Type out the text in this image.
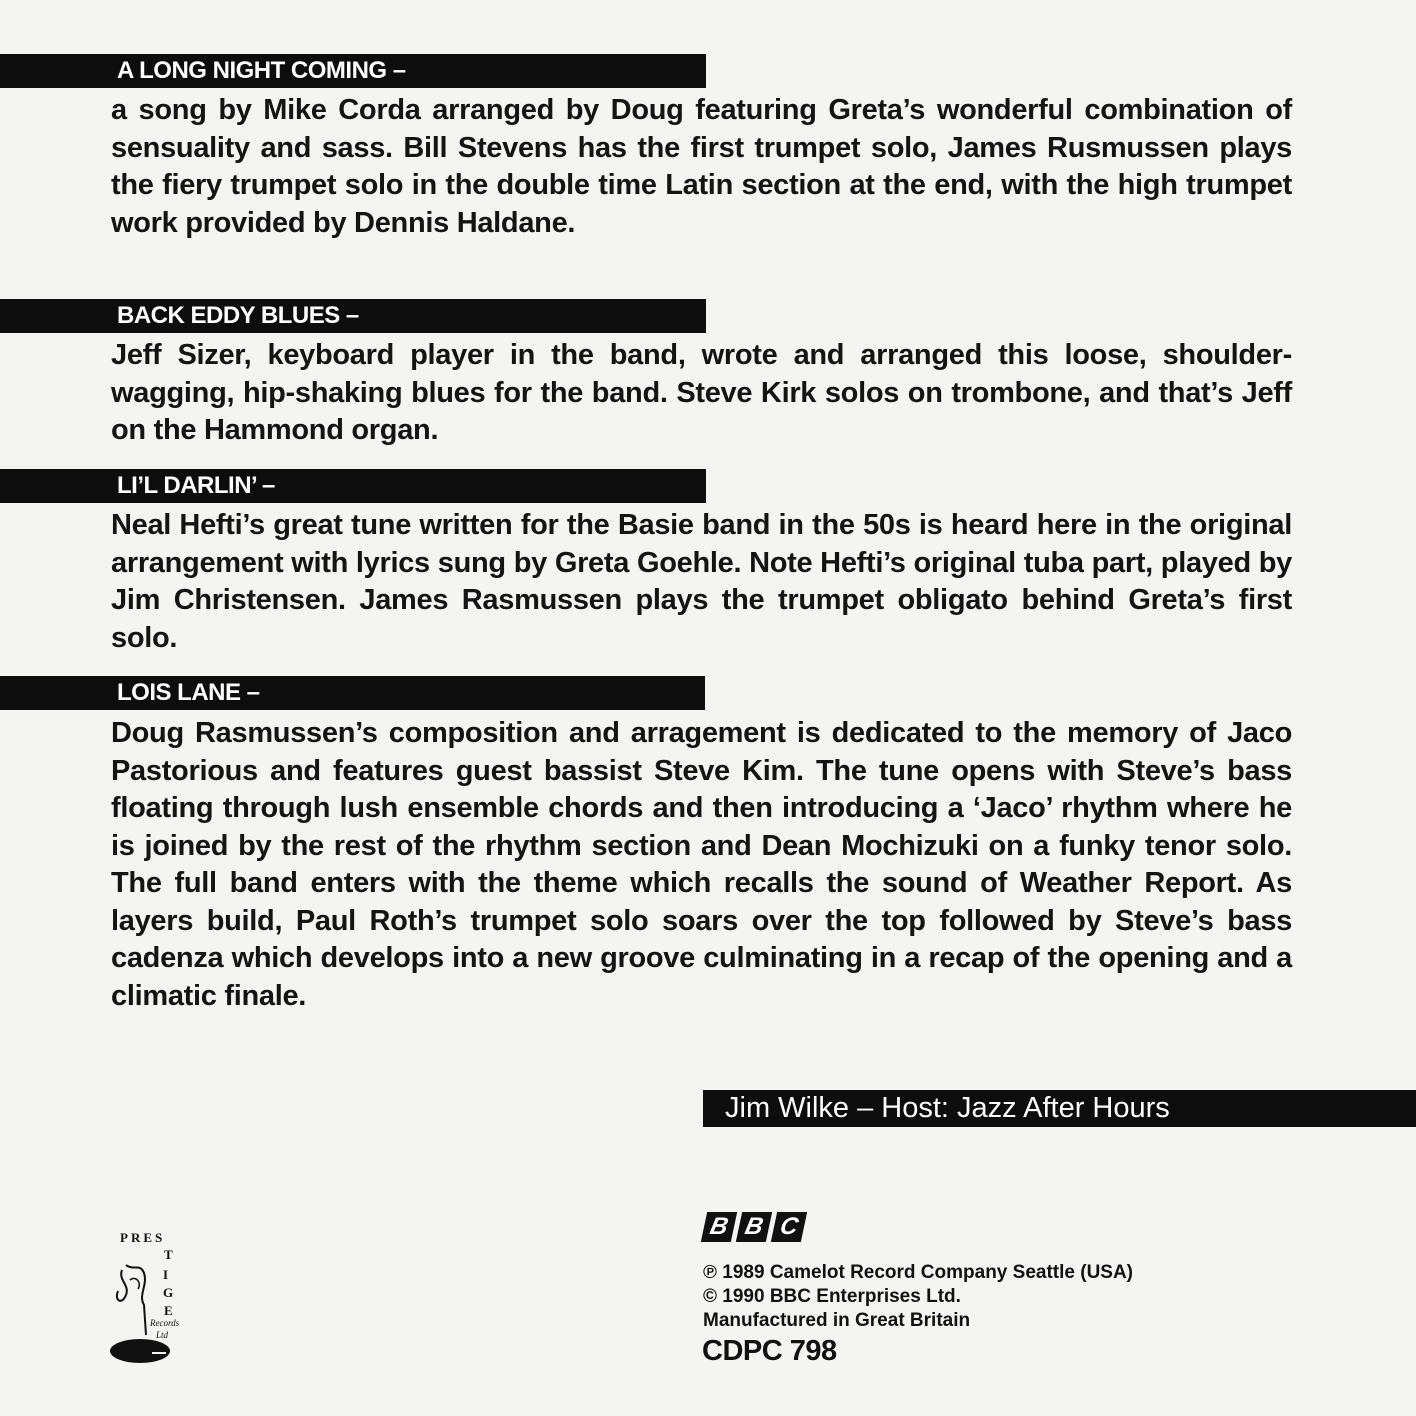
A LONG NIGHT COMING –

a song by Mike Corda arranged by Doug featuring Greta’s wonderful combination of sensuality and sass. Bill Stevens has the first trumpet solo, James Rusmussen plays the fiery trumpet solo in the double time Latin section at the end, with the high trumpet work provided by Dennis Haldane.

BACK EDDY BLUES –

Jeff Sizer, keyboard player in the band, wrote and arranged this loose, shoulder-wagging, hip-shaking blues for the band. Steve Kirk solos on trombone, and that’s Jeff on the Hammond organ.

LI’L DARLIN’ –

Neal Hefti’s great tune written for the Basie band in the 50s is heard here in the original arrangement with lyrics sung by Greta Goehle. Note Hefti’s original tuba part, played by Jim Christensen. James Rasmussen plays the trumpet obligato behind Greta’s first solo.

LOIS LANE –

Doug Rasmussen’s composition and arragement is dedicated to the memory of Jaco Pastorious and features guest bassist Steve Kim. The tune opens with Steve’s bass floating through lush ensemble chords and then introducing a ‘Jaco’ rhythm where he is joined by the rest of the rhythm section and Dean Mochizuki on a funky tenor solo. The full band enters with the theme which recalls the sound of Weather Report. As layers build, Paul Roth’s trumpet solo soars over the top followed by Steve’s bass cadenza which develops into a new groove culminating in a recap of the opening and a climatic finale.

Jim Wilke – Host: Jazz After Hours
PRES
T
I
G
E
Records
Ltd
B B C
℗ 1989 Camelot Record Company Seattle (USA)
© 1990 BBC Enterprises Ltd.
Manufactured in Great Britain
CDPC 798
